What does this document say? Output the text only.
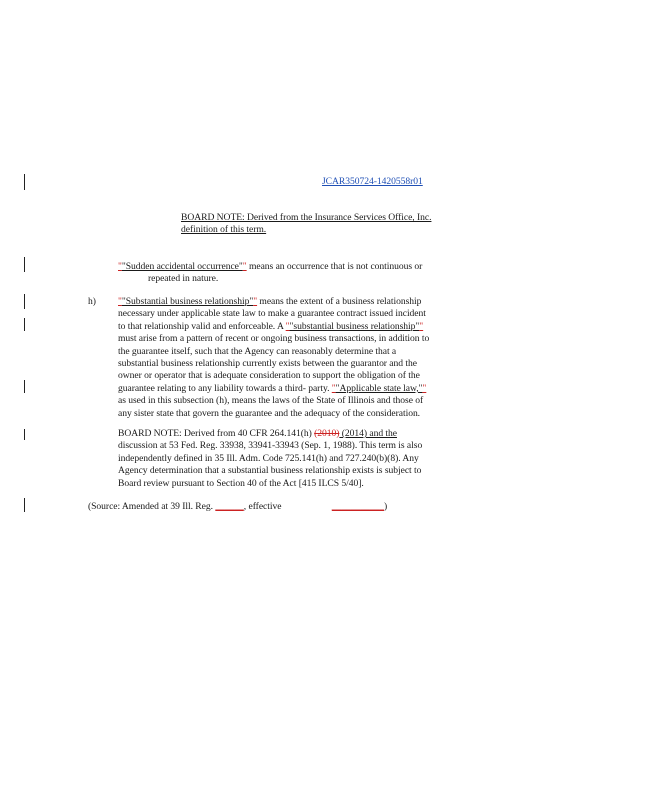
JCAR350724-1420558r01
BOARD NOTE: Derived from the Insurance Services Office, Inc.
definition of this term.
""Sudden accidental occurrence"" means an occurrence that is not continuous or
repeated in nature.
h) ""Substantial business relationship"" means the extent of a business relationship
necessary under applicable state law to make a guarantee contract issued incident
to that relationship valid and enforceable. A ""substantial business relationship""
must arise from a pattern of recent or ongoing business transactions, in addition to
the guarantee itself, such that the Agency can reasonably determine that a
substantial business relationship currently exists between the guarantor and the
owner or operator that is adequate consideration to support the obligation of the
guarantee relating to any liability towards a third- party. ""Applicable state law,""
as used in this subsection (h), means the laws of the State of Illinois and those of
any sister state that govern the guarantee and the adequacy of the consideration.
BOARD NOTE: Derived from 40 CFR 264.141(h) (2010) (2014) and the
discussion at 53 Fed. Reg. 33938, 33941-33943 (Sep. 1, 1988). This term is also
independently defined in 35 Ill. Adm. Code 725.141(h) and 727.240(b)(8). Any
Agency determination that a substantial business relationship exists is subject to
Board review pursuant to Section 40 of the Act [415 ILCS 5/40].
(Source: Amended at 39 Ill. Reg. ______, effective	___________)
